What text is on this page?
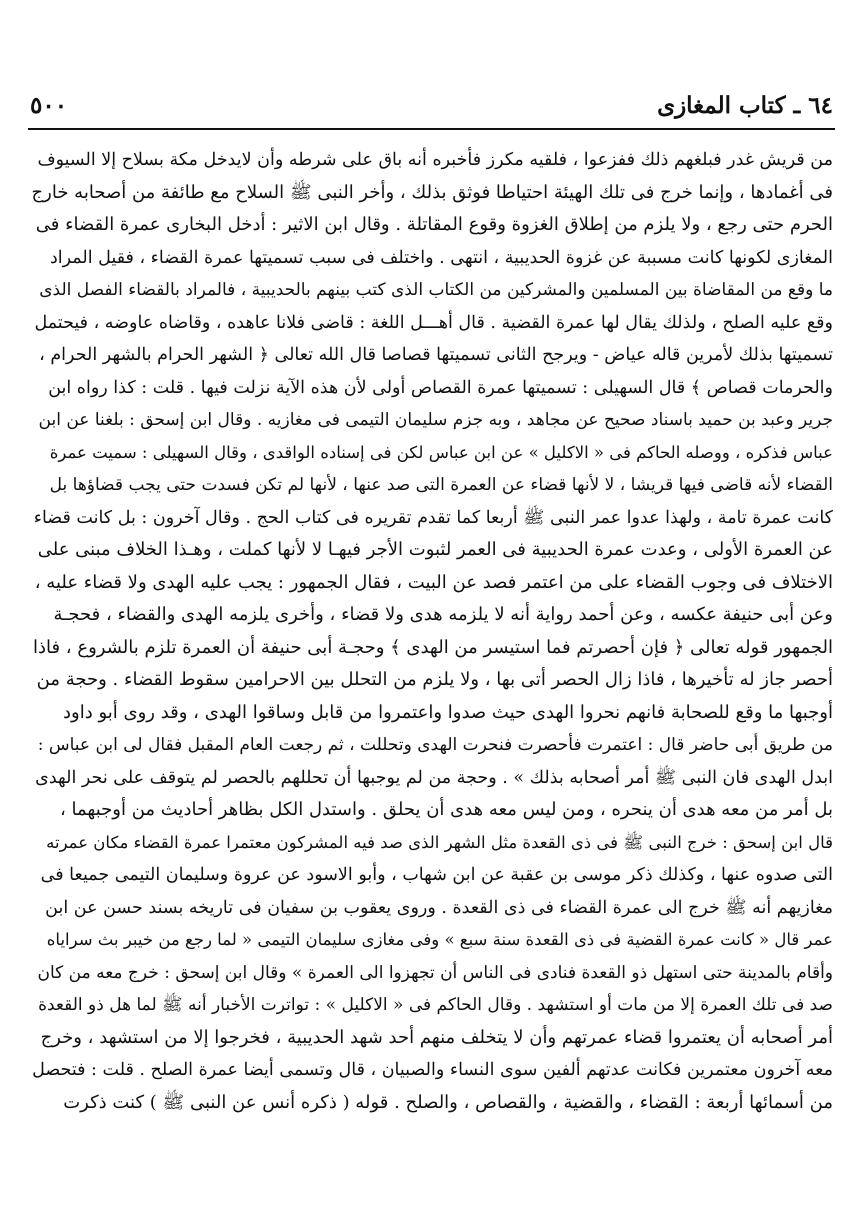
٦٤ ـ كتاب المغازى
٥٠٠
من قريش غدر فبلغهم ذلك ففزعوا ، فلقيه مكرز فأخبره أنه باق على شرطه وأن لايدخل مكة بسلاح إلا السيوف
فى أغمادها ، وإنما خرج فى تلك الهيئة احتياطا فوثق بذلك ، وأخر النبى ﷺ السلاح مع طائفة من أصحابه خارج
الحرم حتى رجع ، ولا يلزم من إطلاق الغزوة وقوع المقاتلة . وقال ابن الاثير : أدخل البخارى عمرة القضاء فى
المغازى لكونها كانت مسببة عن غزوة الحديبية ، انتهى . واختلف فى سبب تسميتها عمرة القضاء ، فقيل المراد
ما وقع من المقاضاة بين المسلمين والمشركين من الكتاب الذى كتب بينهم بالحديبية ، فالمراد بالقضاء الفصل الذى
وقع عليه الصلح ، ولذلك يقال لها عمرة القضية . قال أهـــل اللغة : قاضى فلانا عاهده ، وقاضاه عاوضه ، فيحتمل
تسميتها بذلك لأمرين قاله عياض - ويرجح الثانى تسميتها قصاصا قال الله تعالى ﴿ الشهر الحرام بالشهر الحرام ،
والحرمات قصاص ﴾ قال السهيلى : تسميتها عمرة القصاص أولى لأن هذه الآية نزلت فيها . قلت : كذا رواه ابن
جرير وعبد بن حميد باسناد صحيح عن مجاهد ، وبه جزم سليمان التيمى فى مغازيه . وقال ابن إسحق : بلغنا عن ابن
عباس فذكره ، ووصله الحاكم فى « الاكليل » عن ابن عباس لكن فى إسناده الواقدى ، وقال السهيلى : سميت عمرة
القضاء لأنه قاضى فيها قريشا ، لا لأنها قضاء عن العمرة التى صد عنها ، لأنها لم تكن فسدت حتى يجب قضاؤها بل
كانت عمرة تامة ، ولهذا عدوا عمر النبى ﷺ أربعا كما تقدم تقريره فى كتاب الحج . وقال آخرون : بل كانت قضاء
عن العمرة الأولى ، وعدت عمرة الحديبية فى العمر لثبوت الأجر فيهـا لا لأنها كملت ، وهـذا الخلاف مبنى على
الاختلاف فى وجوب القضاء على من اعتمر فصد عن البيت ، فقال الجمهور : يجب عليه الهدى ولا قضاء عليه ،
وعن أبى حنيفة عكسه ، وعن أحمد رواية أنه لا يلزمه هدى ولا قضاء ، وأخرى يلزمه الهدى والقضاء ، فحجـة
الجمهور قوله تعالى ﴿ فإن أحصرتم فما استيسر من الهدى ﴾ وحجـة أبى حنيفة أن العمرة تلزم بالشروع ، فاذا
أحصر جاز له تأخيرها ، فاذا زال الحصر أتى بها ، ولا يلزم من التحلل بين الاحرامين سقوط القضاء . وحجة من
أوجبها ما وقع للصحابة فانهم نحروا الهدى حيث صدوا واعتمروا من قابل وساقوا الهدى ، وقد روى أبو داود
من طريق أبى حاضر قال : اعتمرت فأحصرت فنحرت الهدى وتحللت ، ثم رجعت العام المقبل فقال لى ابن عباس :
ابدل الهدى فان النبى ﷺ أمر أصحابه بذلك » . وحجة من لم يوجبها أن تحللهم بالحصر لم يتوقف على نحر الهدى
بل أمر من معه هدى أن ينحره ، ومن ليس معه هدى أن يحلق . واستدل الكل بظاهر أحاديث من أوجبهما ،
قال ابن إسحق : خرج النبى ﷺ فى ذى القعدة مثل الشهر الذى صد فيه المشركون معتمرا عمرة القضاء مكان عمرته
التى صدوه عنها ، وكذلك ذكر موسى بن عقبة عن ابن شهاب ، وأبو الاسود عن عروة وسليمان التيمى جميعا فى
مغازيهم أنه ﷺ خرج الى عمرة القضاء فى ذى القعدة . وروى يعقوب بن سفيان فى تاريخه بسند حسن عن ابن
عمر قال « كانت عمرة القضية فى ذى القعدة سنة سبع » وفى مغازى سليمان التيمى « لما رجع من خيبر بث سراياه
وأقام بالمدينة حتى استهل ذو القعدة فنادى فى الناس أن تجهزوا الى العمرة » وقال ابن إسحق : خرج معه من كان
صد فى تلك العمرة إلا من مات أو استشهد . وقال الحاكم فى « الاكليل » : تواترت الأخبار أنه ﷺ لما هل ذو القعدة
أمر أصحابه أن يعتمروا قضاء عمرتهم وأن لا يتخلف منهم أحد شهد الحديبية ، فخرجوا إلا من استشهد ، وخرج
معه آخرون معتمرين فكانت عدتهم ألفين سوى النساء والصبيان ، قال وتسمى أيضا عمرة الصلح . قلت : فتحصل
من أسمائها أربعة : القضاء ، والقضية ، والقصاص ، والصلح . قوله ( ذكره أنس عن النبى ﷺ ) كنت ذكرت
